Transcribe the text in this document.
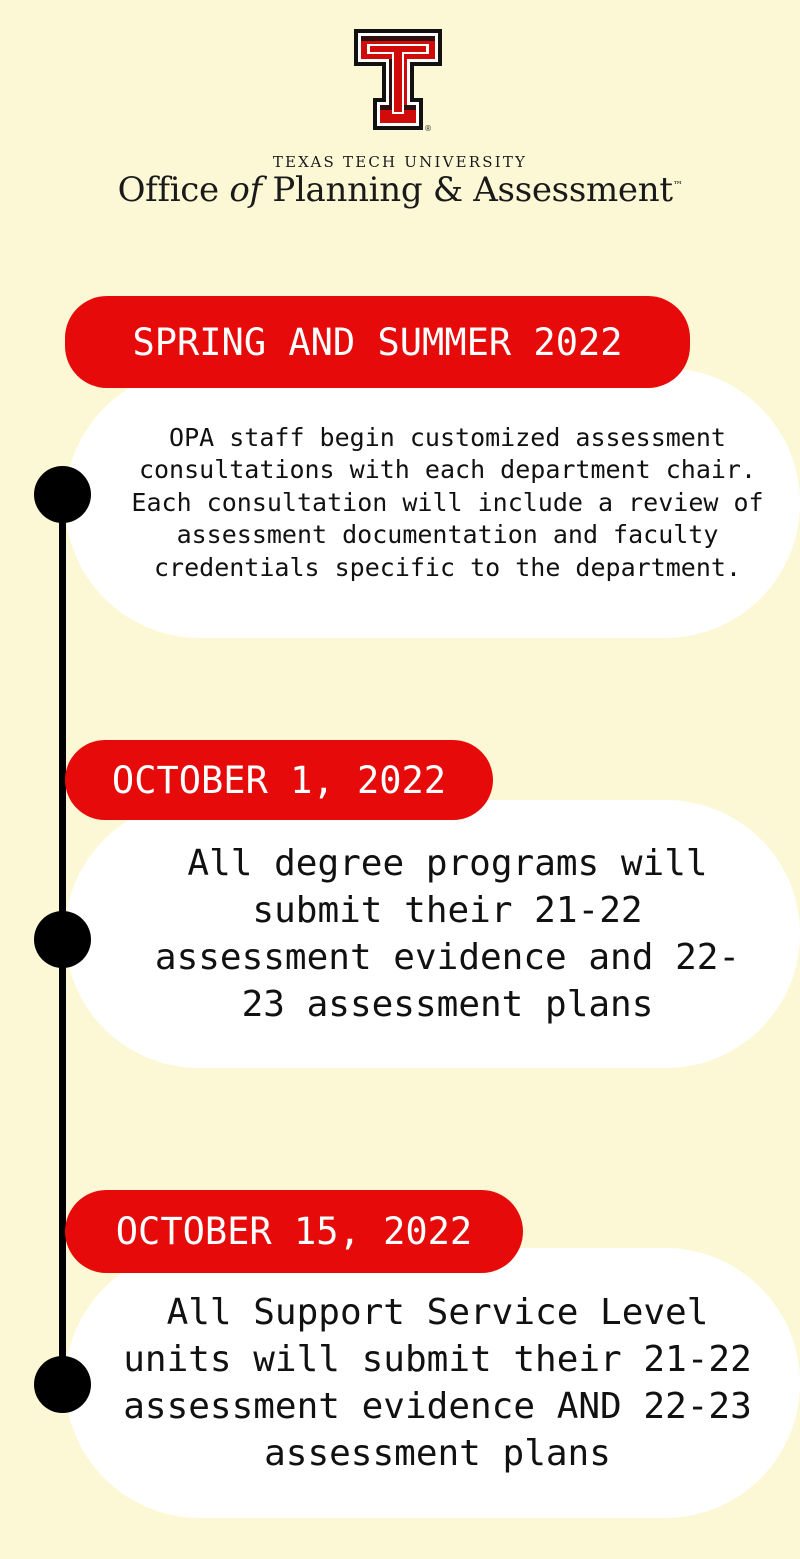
®
TEXAS TECH UNIVERSITY
Office of Planning & Assessment™
OPA staff begin customized assessment consultations with each department chair. Each consultation will include a review of assessment documentation and faculty credentials specific to the department.
SPRING AND SUMMER 2022
All degree programs will submit their 21-22 assessment evidence and 22-23 assessment plans
OCTOBER 1, 2022
All Support Service Level units will submit their 21-22 assessment evidence AND 22-23 assessment plans
OCTOBER 15, 2022
